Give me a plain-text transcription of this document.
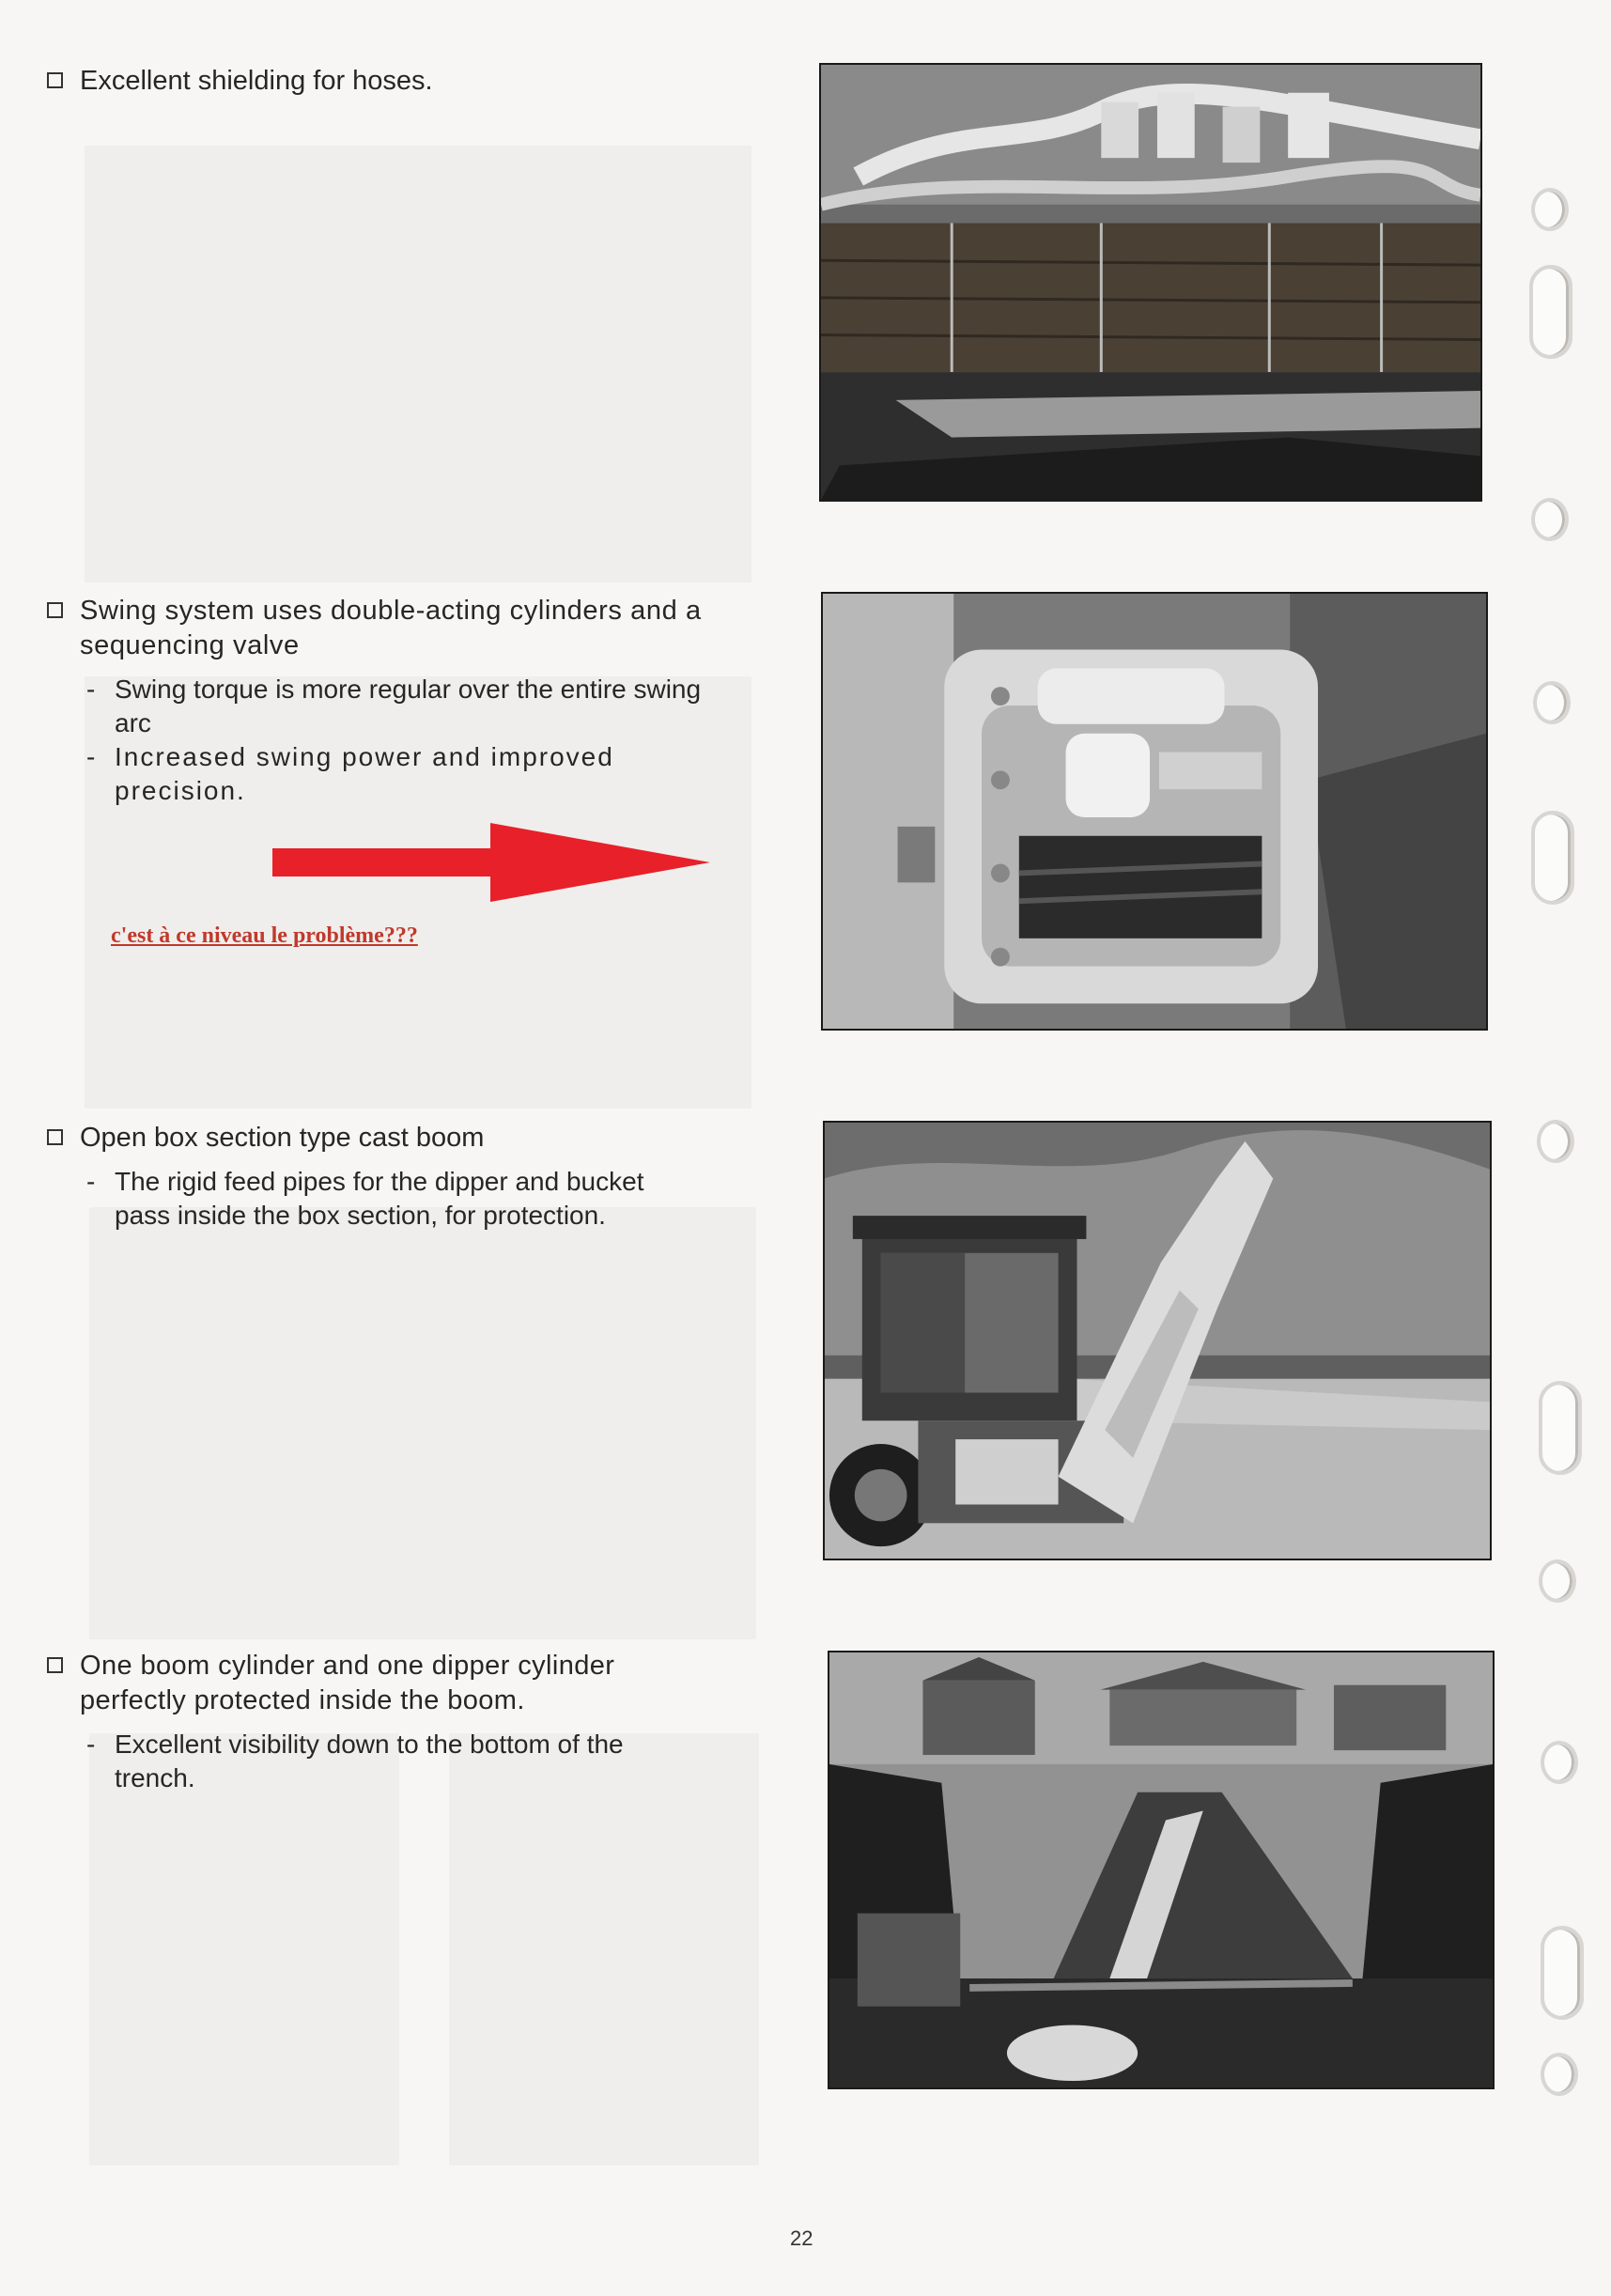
Excellent shielding for hoses.
Swing system uses double-acting cylinders and a sequencing valve
- Swing torque is more regular over the entire swing arc
- Increased swing power and improved precision.
c'est à ce niveau le problème???
Open box section type cast boom
- The rigid feed pipes for the dipper and bucket pass inside the box section, for protection.
One boom cylinder and one dipper cylinder perfectly protected inside the boom.
- Excellent visibility down to the bottom of the trench.
22
